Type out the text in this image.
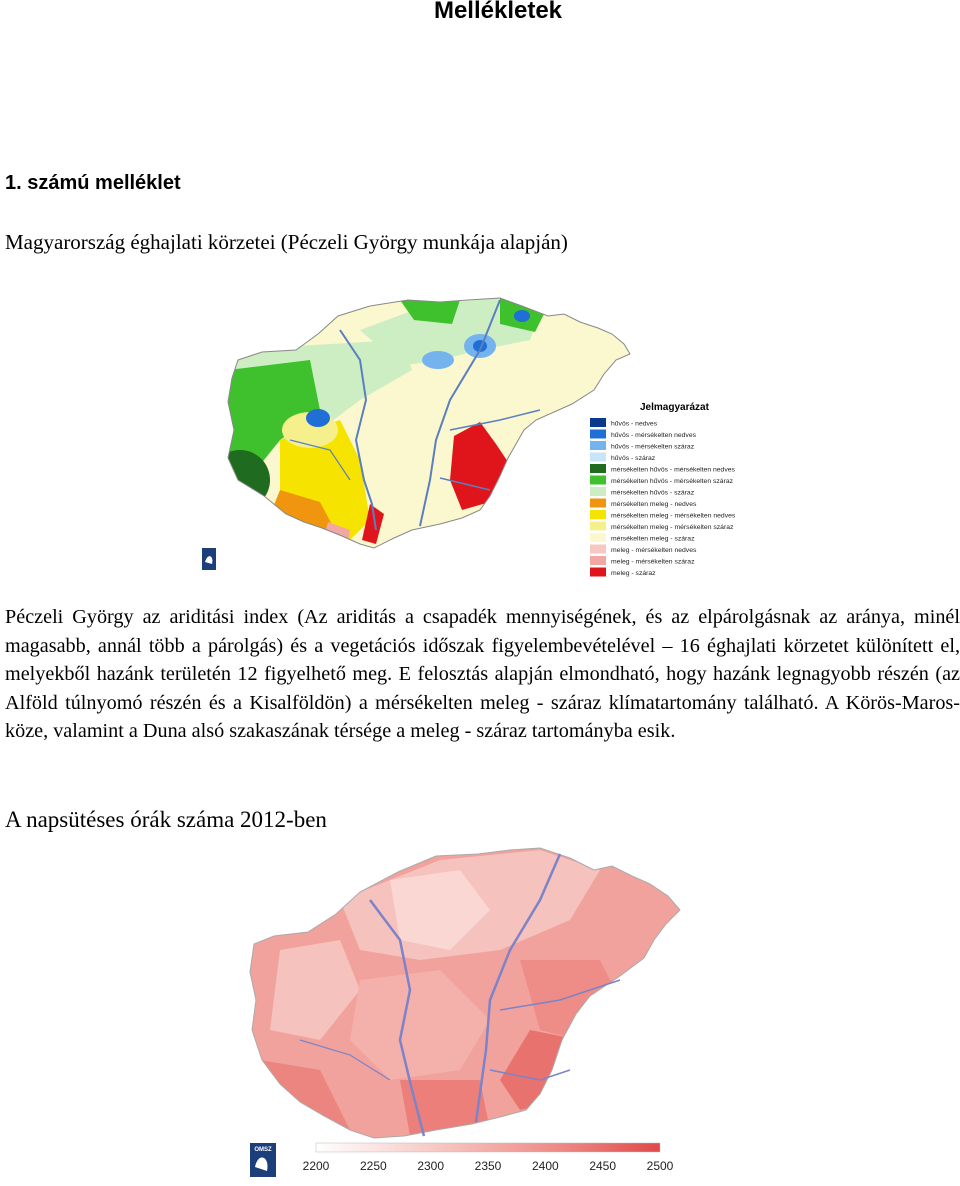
Mellékletek
1. számú melléklet
Magyarország éghajlati körzetei (Péczeli György munkája alapján)
Jelmagyarázat
hűvös - nedves
hűvös - mérsékelten nedves
hűvös - mérsékelten száraz
hűvös - száraz
mérsékelten hűvös - mérsékelten nedves
mérsékelten hűvös - mérsékelten száraz
mérsékelten hűvös - száraz
mérsékelten meleg - nedves
mérsékelten meleg - mérsékelten nedves
mérsékelten meleg - mérsékelten száraz
mérsékelten meleg - száraz
meleg - mérsékelten nedves
meleg - mérsékelten száraz
meleg - száraz

Péczeli György az ariditási index (Az ariditás a csapadék mennyiségének, és az elpárolgásnak az aránya, minél magasabb, annál több a párolgás) és a vegetációs időszak figyelembevételével – 16 éghajlati körzetet különített el, melyekből hazánk területén 12 figyelhető meg. E felosztás alapján elmondható, hogy hazánk legnagyobb részén (az Alföld túlnyomó részén és a Kisalföldön) a mérsékelten meleg - száraz klímatartomány található. A Körös-Maros-köze, valamint a Duna alsó szakaszának térsége a meleg - száraz tartományba esik.

A napsütéses órák száma 2012-ben
OMSZ
2200	2250	2300	2350	2400	2450	2500
